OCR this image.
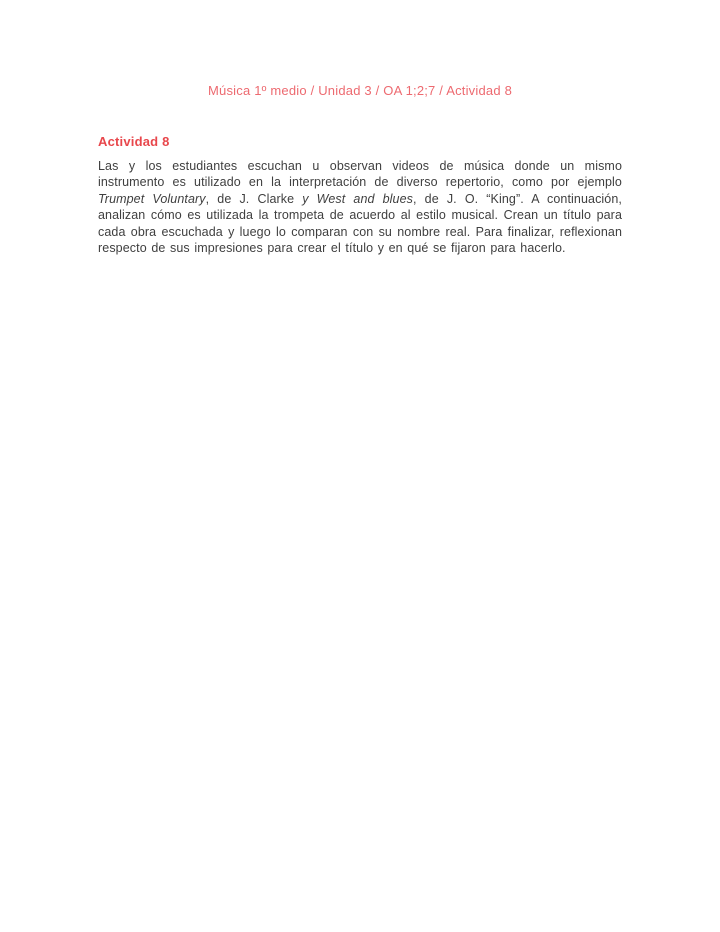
Música 1º medio / Unidad 3 / OA 1;2;7 / Actividad 8
Actividad 8

Las y los estudiantes escuchan u observan videos de música donde un mismo instrumento es utilizado en la interpretación de diverso repertorio, como por ejemplo Trumpet Voluntary, de J. Clarke y West and blues, de J. O. “King”. A continuación, analizan cómo es utilizada la trompeta de acuerdo al estilo musical. Crean un título para cada obra escuchada y luego lo comparan con su nombre real. Para finalizar, reflexionan respecto de sus impresiones para crear el título y en qué se fijaron para hacerlo.
